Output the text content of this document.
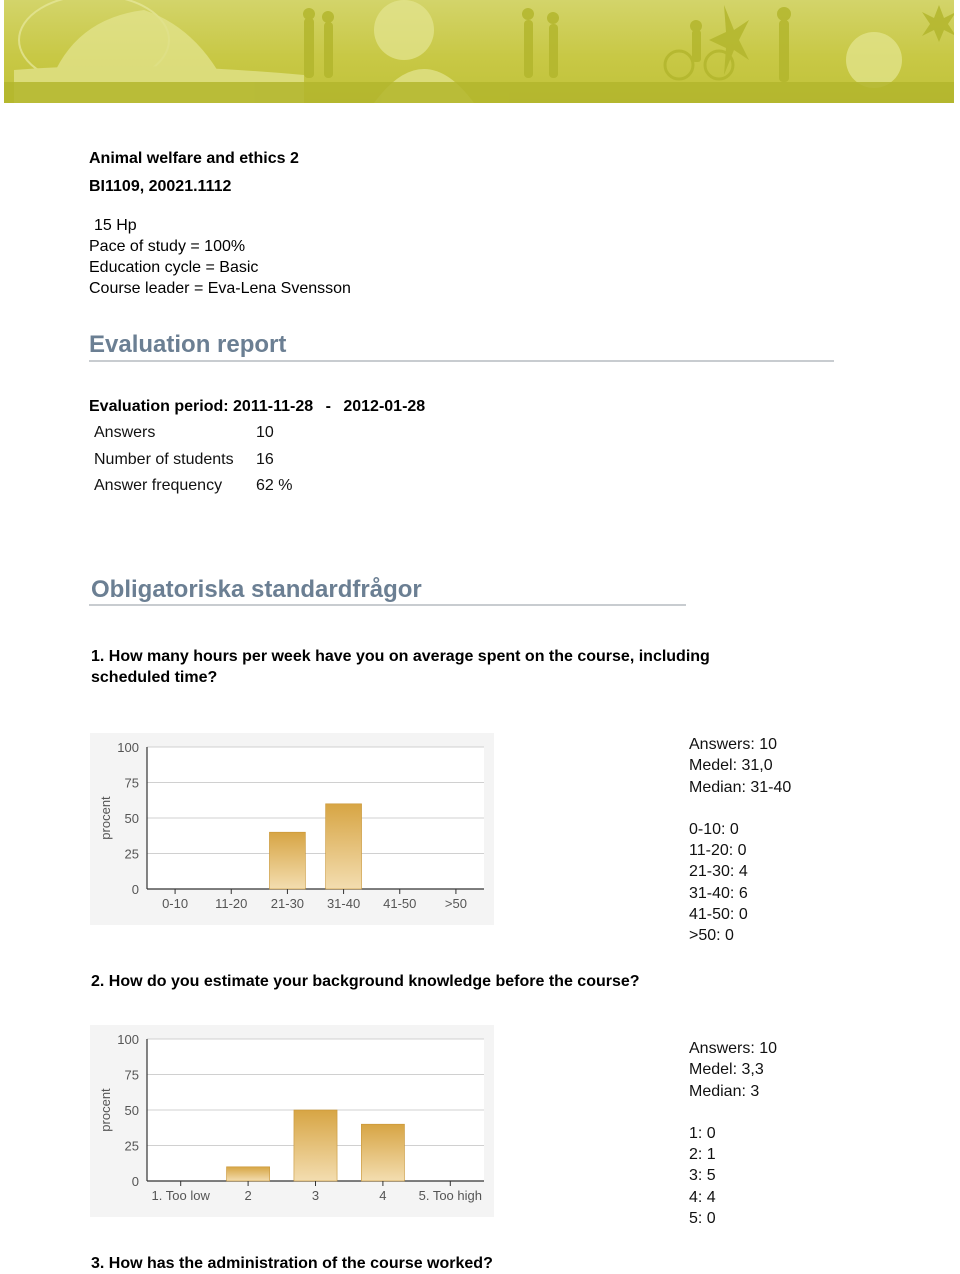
Animal welfare and ethics 2
BI1109, 20021.1112
15 Hp
Pace of study = 100%
Education cycle = Basic
Course leader = Eva-Lena Svensson
Evaluation report
Evaluation period: 2011-11-28 - 2012-01-28
Answers	10
Number of students 16
Answer frequency 62 %
Obligatoriska standardfrågor
1. How many hours per week have you on average spent on the course, including
scheduled time?
100
75
50
25
0
procent
0-10 11-20 21-30 31-40 41-50 >50
Answers: 10
Medel: 31,0
Median: 31-40
0-10: 0
11-20: 0
21-30: 4
31-40: 6
41-50: 0
>50: 0
2. How do you estimate your background knowledge before the course?
100
75
50
25
0
procent
1. Too low	2	3	4 5. Too high
Answers: 10
Medel: 3,3
Median: 3
1: 0
2: 1
3: 5
4: 4
5: 0
3. How has the administration of the course worked?
